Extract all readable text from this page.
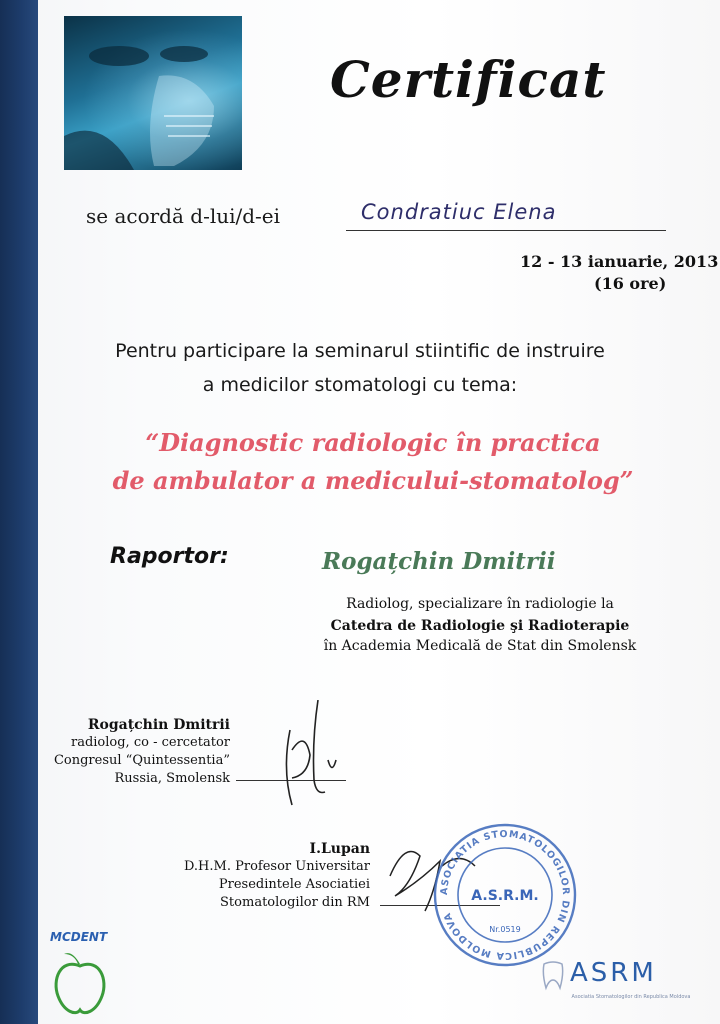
Certificat
se acordă d-lui/d-ei	Condratiuc Elena
12 - 13 ianuarie, 2013
(16 ore)
Pentru participare la seminarul stiintific de instruire
a medicilor stomatologi cu tema:
“Diagnostic radiologic în practica
de ambulator a medicului-stomatolog”
Raportor:	Rogațchin Dmitrii
Radiolog, specializare în radiologie la
Catedra de Radiologie şi Radioterapie
în Academia Medicală de Stat din Smolensk
Rogațchin Dmitrii
radiolog, co - cercetator
Congresul “Quintessentia”
Russia, Smolensk
I.Lupan
D.H.M. Profesor Universitar
Presedintele Asociatiei
Stomatologilor din RM
ASOCIATIA STOMATOLOGILOR DIN REPUBLICA MOLDOVA
A.S.R.M.
Nr.0519
MCDENT
ASRM
Asociatia Stomatologilor din Republica Moldova
